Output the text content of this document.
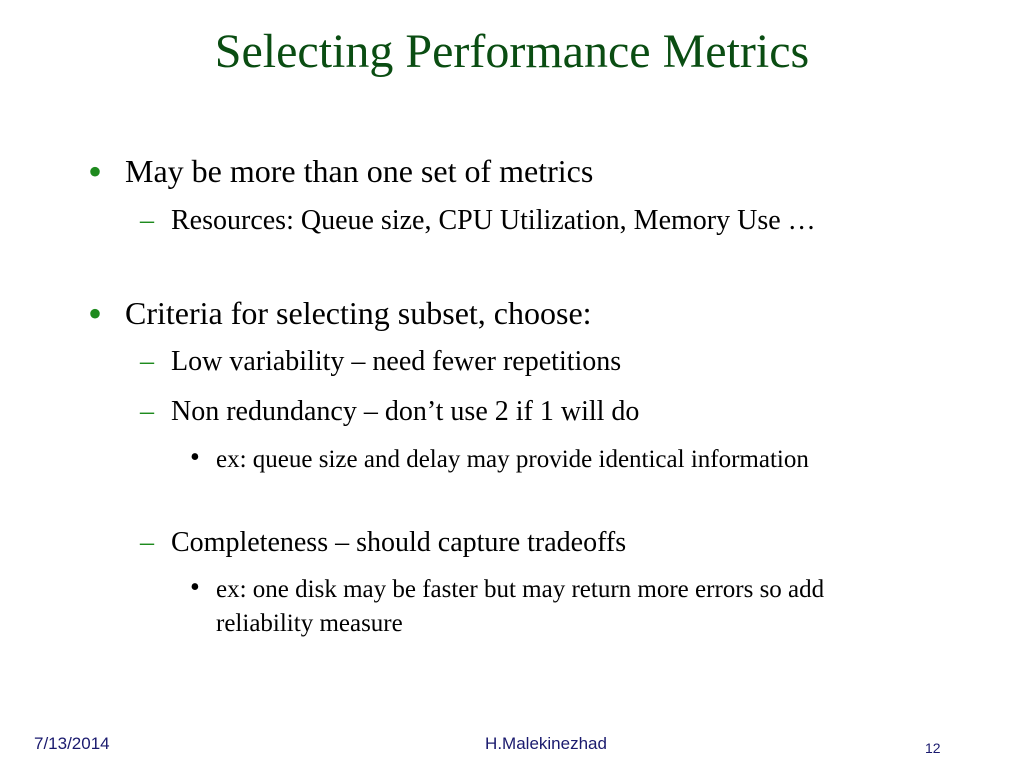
Selecting Performance Metrics
• May be more than one set of metrics
– Resources: Queue size, CPU Utilization, Memory Use …
• Criteria for selecting subset, choose:
– Low variability – need fewer repetitions
– Non redundancy – don’t use 2 if 1 will do
• ex: queue size and delay may provide identical information
– Completeness – should capture tradeoffs
• ex: one disk may be faster but may return more errors so add reliability measure
7/13/2014	H.Malekinezhad	12
